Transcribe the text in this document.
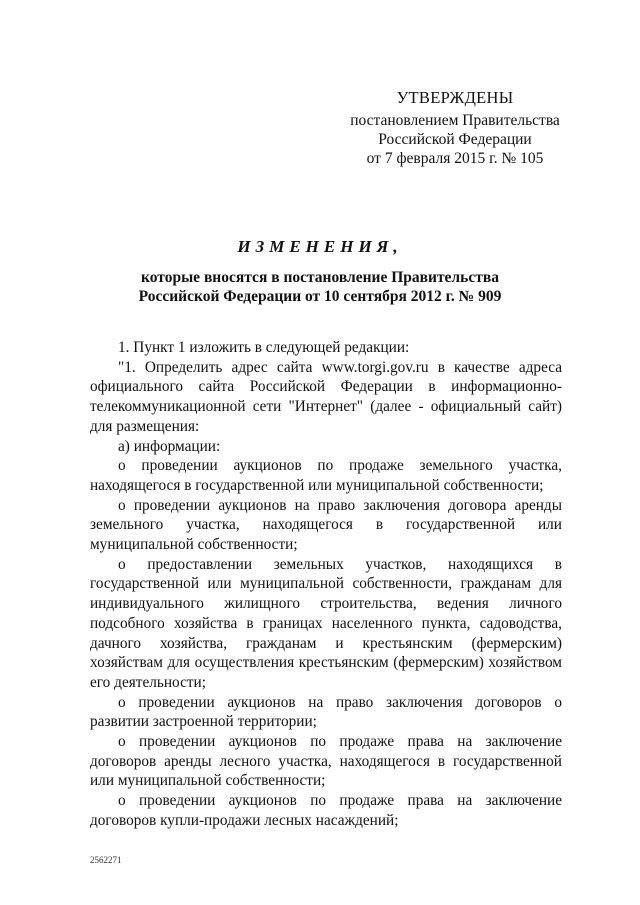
УТВЕРЖДЕНЫ
постановлением Правительства
Российской Федерации
от 7 февраля 2015 г. № 105
ИЗМЕНЕНИЯ,
которые вносятся в постановление Правительства
Российской Федерации от 10 сентября 2012 г. № 909

1. Пункт 1 изложить в следующей редакции:

"1. Определить адрес сайта www.torgi.gov.ru в качестве адреса официального сайта Российской Федерации в информационно-телекоммуникационной сети "Интернет" (далее - официальный сайт) для размещения:

а) информации:

о проведении аукционов по продаже земельного участка, находящегося в государственной или муниципальной собственности;

о проведении аукционов на право заключения договора аренды земельного участка, находящегося в государственной или муниципальной собственности;

о предоставлении земельных участков, находящихся в государственной или муниципальной собственности, гражданам для индивидуального жилищного строительства, ведения личного подсобного хозяйства в границах населенного пункта, садоводства, дачного хозяйства, гражданам и крестьянским (фермерским) хозяйствам для осуществления крестьянским (фермерским) хозяйством его деятельности;

о проведении аукционов на право заключения договоров о развитии застроенной территории;

о проведении аукционов по продаже права на заключение договоров аренды лесного участка, находящегося в государственной или муниципальной собственности;

о проведении аукционов по продаже права на заключение договоров купли-продажи лесных насаждений;

2562271
